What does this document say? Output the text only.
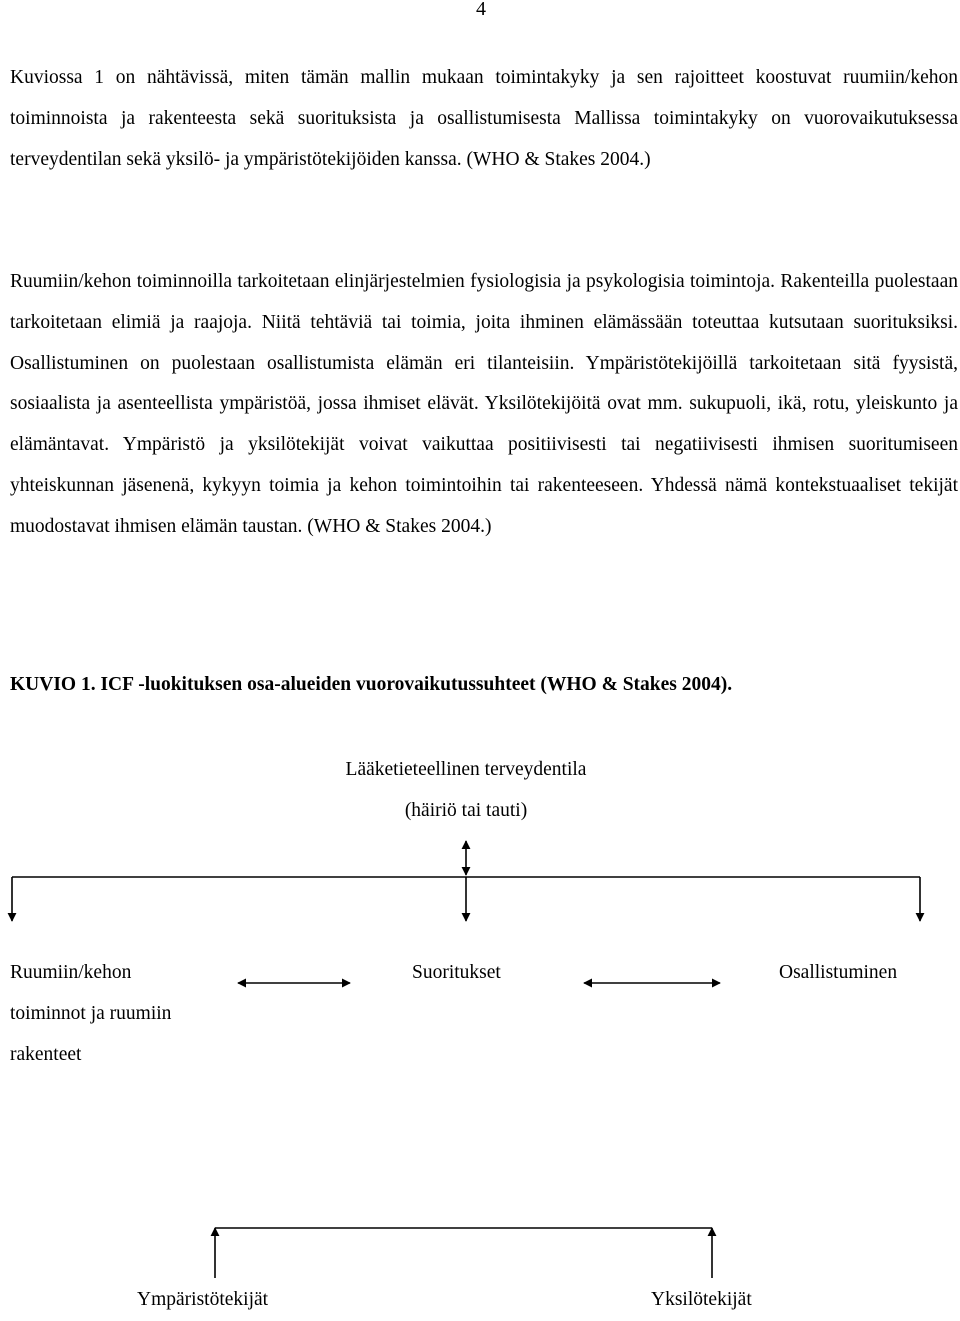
4

Kuviossa 1 on nähtävissä, miten tämän mallin mukaan toimintakyky ja sen rajoitteet koostuvat ruumiin/kehon toiminnoista ja rakenteesta sekä suorituksista ja osallistumisesta Mallissa toimintakyky on vuorovaikutuksessa terveydentilan sekä yksilö- ja ympäristötekijöiden kanssa. (WHO & Stakes 2004.)

Ruumiin/kehon toiminnoilla tarkoitetaan elinjärjestelmien fysiologisia ja psykologisia toimintoja. Rakenteilla puolestaan tarkoitetaan elimiä ja raajoja. Niitä tehtäviä tai toimia, joita ihminen elämässään toteuttaa kutsutaan suorituksiksi. Osallistuminen on puolestaan osallistumista elämän eri tilanteisiin. Ympäristötekijöillä tarkoitetaan sitä fyysistä, sosiaalista ja asenteellista ympäristöä, jossa ihmiset elävät. Yksilötekijöitä ovat mm. sukupuoli, ikä, rotu, yleiskunto ja elämäntavat. Ympäristö ja yksilötekijät voivat vaikuttaa positiivisesti tai negatiivisesti ihmisen suoritumiseen yhteiskunnan jäsenenä, kykyyn toimia ja kehon toimintoihin tai rakenteeseen. Yhdessä nämä kontekstuaaliset tekijät muodostavat ihmisen elämän taustan. (WHO & Stakes 2004.)

KUVIO 1. ICF -luokituksen osa-alueiden vuorovaikutussuhteet (WHO & Stakes 2004).
Lääketieteellinen terveydentila
(häiriö tai tauti)
Ruumiin/kehon
toiminnot ja ruumiin
rakenteet
Suoritukset	Osallistuminen
Ympäristötekijät	Yksilötekijät
